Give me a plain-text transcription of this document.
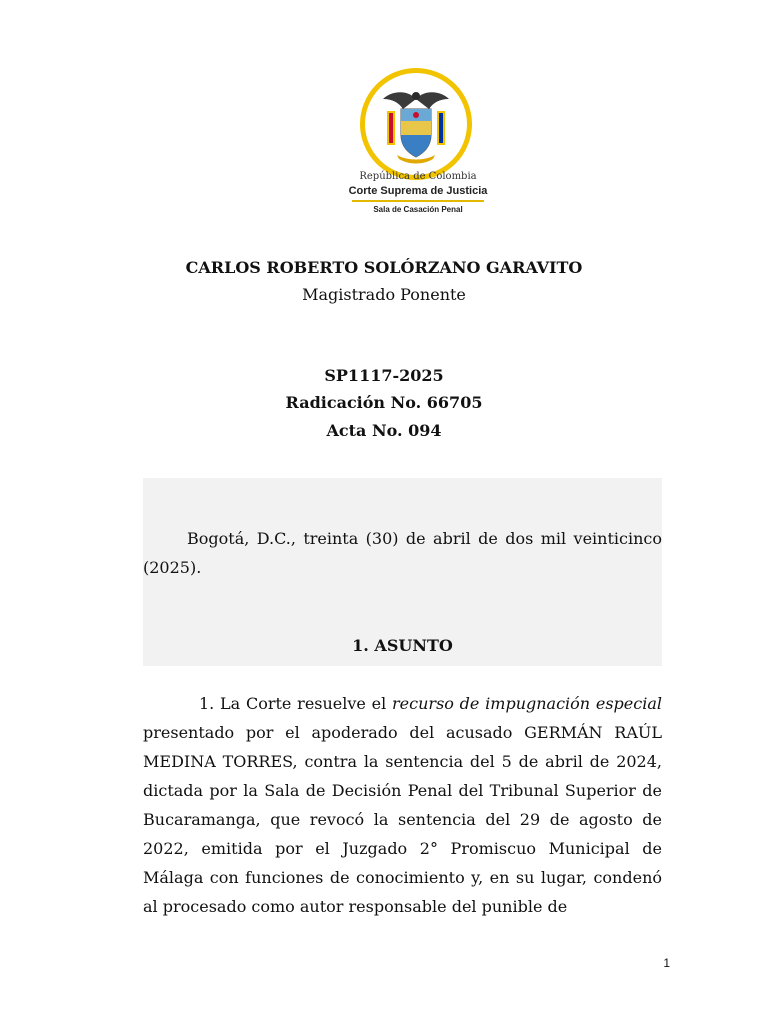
República de Colombia
Corte Suprema de Justicia
Sala de Casación Penal
CARLOS ROBERTO SOLÓRZANO GARAVITO
Magistrado Ponente
SP1117-2025
Radicación No. 66705
Acta No. 094
Bogotá, D.C., treinta (30) de abril de dos mil veinticinco (2025).
1. ASUNTO
1. La Corte resuelve el recurso de impugnación especial presentado por el apoderado del acusado GERMÁN RAÚL MEDINA TORRES, contra la sentencia del 5 de abril de 2024, dictada por la Sala de Decisión Penal del Tribunal Superior de Bucaramanga, que revocó la sentencia del 29 de agosto de 2022, emitida por el Juzgado 2° Promiscuo Municipal de Málaga con funciones de conocimiento y, en su lugar, condenó al procesado como autor responsable del punible de
1
